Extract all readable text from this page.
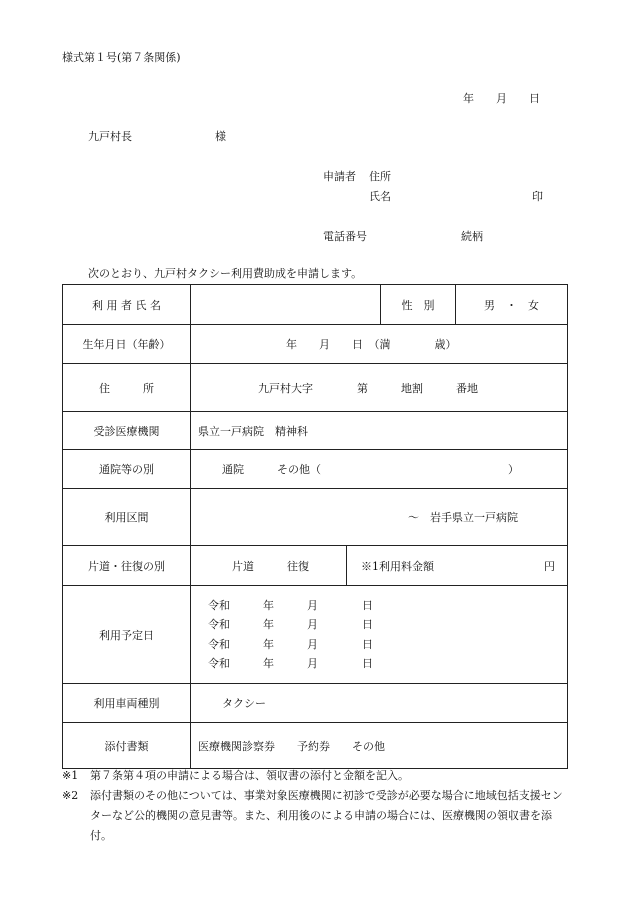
様式第１号(第７条関係)
年　　月　　日
九戸村長	様
申請者 住所
氏名	印
電話番号	続柄
次のとおり、九戸村タクシー利用費助成を申請します。
利 用 者 氏 名			性　別	男　・　女
生年月日（年齢）	年　　月　　日　（満　　　　歳）			
住　　　所	九戸村大字　　　　第　　　地割　　　番地			
受診医療機関	県立一戸病院　精神科			
通院等の別	通院　　　その他（　　　　　　　　　　　　　　　　　）			
利用区間	～　岩手県立一戸病院			
片道・往復の別	片道　　　往復	※1利用料金額 円		

利用予定日	令和　　　年　　　月　　　　日
令和　　　年　　　月　　　　日
令和　　　年　　　月　　　　日
令和　　　年　　　月　　　　日			

利用車両種別	タクシー			
添付書類	医療機関診察券　　予約券　　その他			
※1 第７条第４項の申請による場合は、領収書の添付と金額を記入。
※2 添付書類のその他については、事業対象医療機関に初診で受診が必要な場合に地域包括支援センターなど公的機関の意見書等。また、利用後のによる申請の場合には、医療機関の領収書を添付。
